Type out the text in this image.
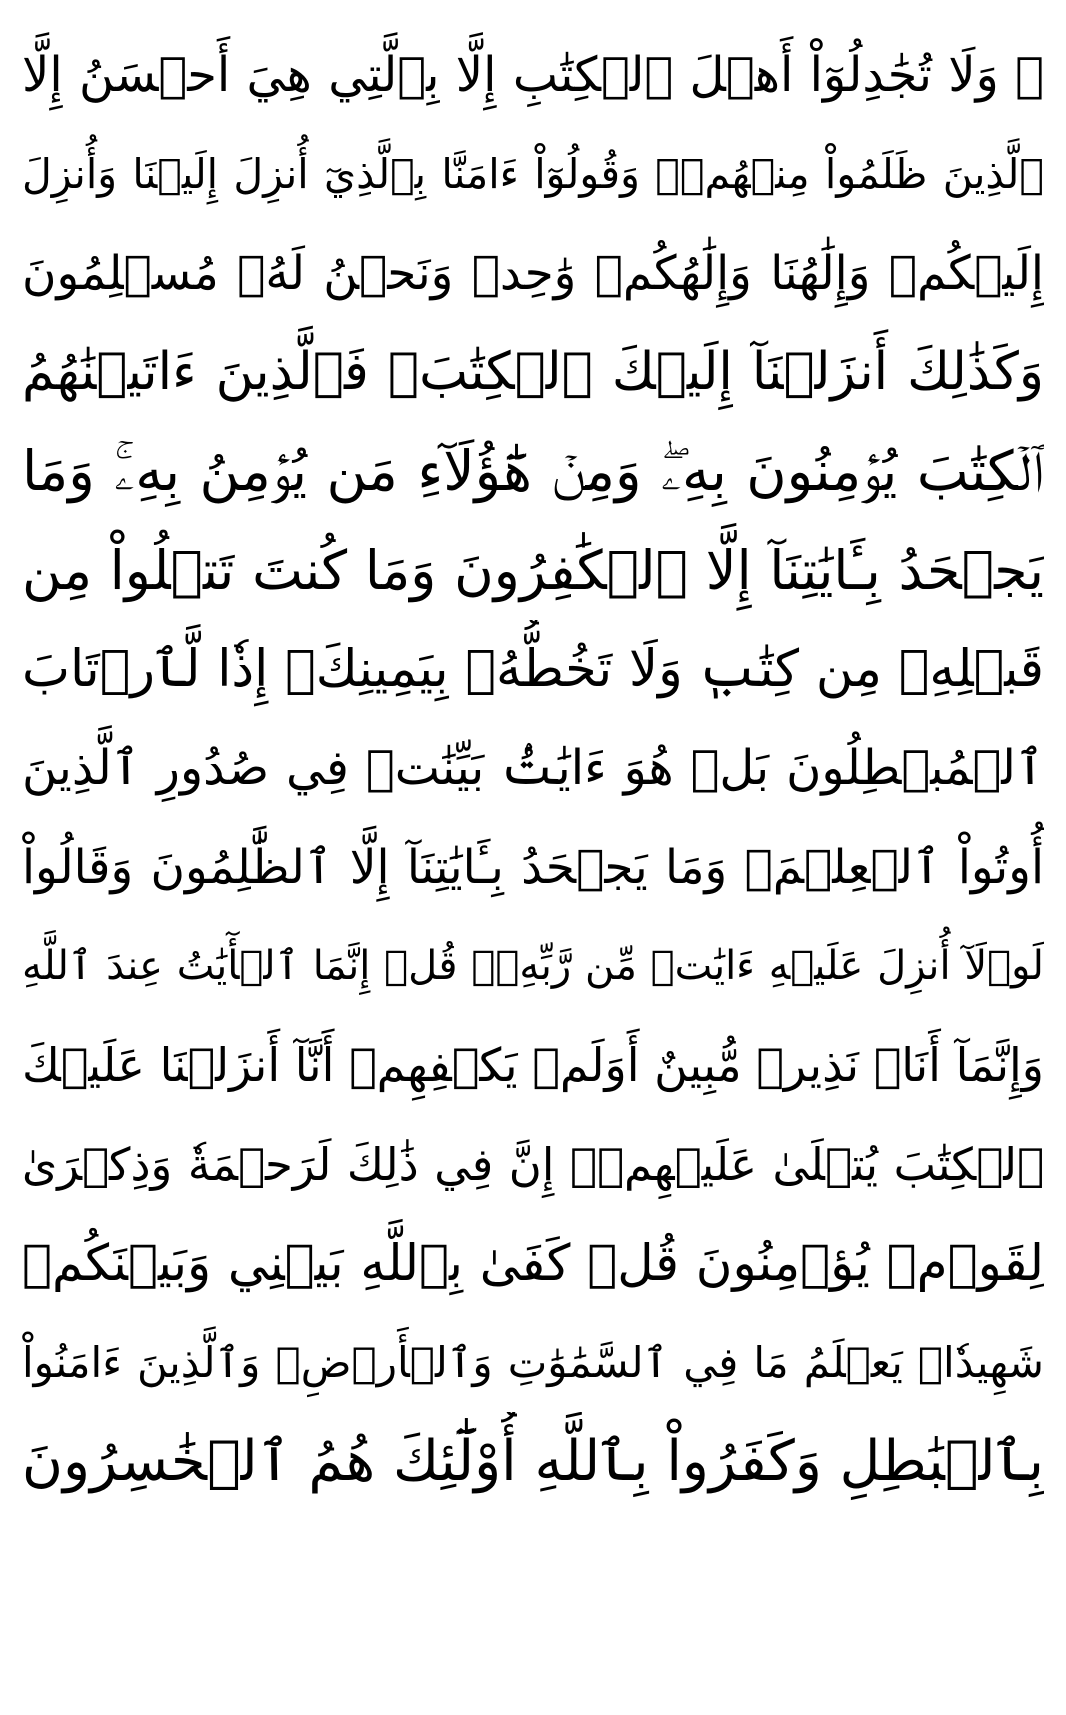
۞ وَلَا تُجَٰدِلُوٓاْ أَهۡلَ ٱلۡكِتَٰبِ إِلَّا بِٱلَّتِي هِيَ أَحۡسَنُ إِلَّا
ٱلَّذِينَ ظَلَمُواْ مِنۡهُمۡۖ وَقُولُوٓاْ ءَامَنَّا بِٱلَّذِيٓ أُنزِلَ إِلَيۡنَا وَأُنزِلَ
إِلَيۡكُمۡ وَإِلَٰهُنَا وَإِلَٰهُكُمۡ وَٰحِدٞ وَنَحۡنُ لَهُۥ مُسۡلِمُونَ
وَكَذَٰلِكَ أَنزَلۡنَآ إِلَيۡكَ ٱلۡكِتَٰبَۚ فَٱلَّذِينَ ءَاتَيۡنَٰهُمُ
ٱلۡكِتَٰبَ يُؤۡمِنُونَ بِهِۦۖ وَمِنۡ هَٰٓؤُلَآءِ مَن يُؤۡمِنُ بِهِۦۚ وَمَا
يَجۡحَدُ بِـَٔايَٰتِنَآ إِلَّا ٱلۡكَٰفِرُونَ وَمَا كُنتَ تَتۡلُواْ مِن
قَبۡلِهِۦ مِن كِتَٰبٖ وَلَا تَخُطُّهُۥ بِيَمِينِكَۖ إِذٗا لَّٱرۡتَابَ
ٱلۡمُبۡطِلُونَ بَلۡ هُوَ ءَايَٰتُۢ بَيِّنَٰتٞ فِي صُدُورِ ٱلَّذِينَ
أُوتُواْ ٱلۡعِلۡمَۚ وَمَا يَجۡحَدُ بِـَٔايَٰتِنَآ إِلَّا ٱلظَّٰلِمُونَ وَقَالُواْ
لَوۡلَآ أُنزِلَ عَلَيۡهِ ءَايَٰتٞ مِّن رَّبِّهِۦۚ قُلۡ إِنَّمَا ٱلۡأٓيَٰتُ عِندَ ٱللَّهِ
وَإِنَّمَآ أَنَا۠ نَذِيرٞ مُّبِينٌ أَوَلَمۡ يَكۡفِهِمۡ أَنَّآ أَنزَلۡنَا عَلَيۡكَ
ٱلۡكِتَٰبَ يُتۡلَىٰ عَلَيۡهِمۡۚ إِنَّ فِي ذَٰلِكَ لَرَحۡمَةٗ وَذِكۡرَىٰ
لِقَوۡمٖ يُؤۡمِنُونَ قُلۡ كَفَىٰ بِٱللَّهِ بَيۡنِي وَبَيۡنَكُمۡ
شَهِيدٗاۖ يَعۡلَمُ مَا فِي ٱلسَّمَٰوَٰتِ وَٱلۡأَرۡضِۗ وَٱلَّذِينَ ءَامَنُواْ
بِٱلۡبَٰطِلِ وَكَفَرُواْ بِٱللَّهِ أُوْلَٰٓئِكَ هُمُ ٱلۡخَٰسِرُونَ
